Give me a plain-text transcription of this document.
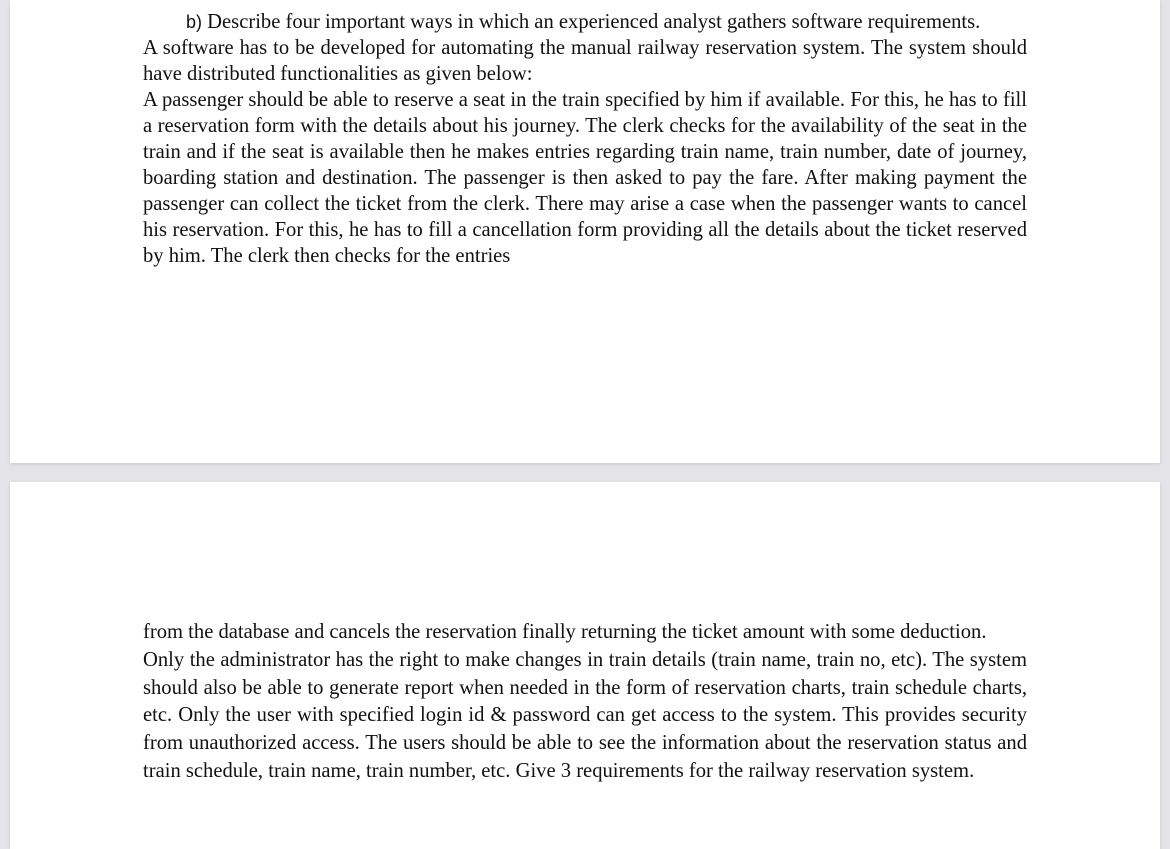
b) Describe four important ways in which an experienced analyst gathers software requirements.

A software has to be developed for automating the manual railway reservation system. The system should have distributed functionalities as given below:

A passenger should be able to reserve a seat in the train specified by him if available. For this, he has to fill a reservation form with the details about his journey. The clerk checks for the availability of the seat in the train and if the seat is available then he makes entries regarding train name, train number, date of journey, boarding station and destination. The passenger is then asked to pay the fare. After making payment the passenger can collect the ticket from the clerk. There may arise a case when the passenger wants to cancel his reservation. For this, he has to fill a cancellation form providing all the details about the ticket reserved by him. The clerk then checks for the entries

from the database and cancels the reservation finally returning the ticket amount with some deduction.

Only the administrator has the right to make changes in train details (train name, train no, etc). The system should also be able to generate report when needed in the form of reservation charts, train schedule charts, etc. Only the user with specified login id & password can get access to the system. This provides security from unauthorized access. The users should be able to see the information about the reservation status and train schedule, train name, train number, etc. Give 3 requirements for the railway reservation system.
